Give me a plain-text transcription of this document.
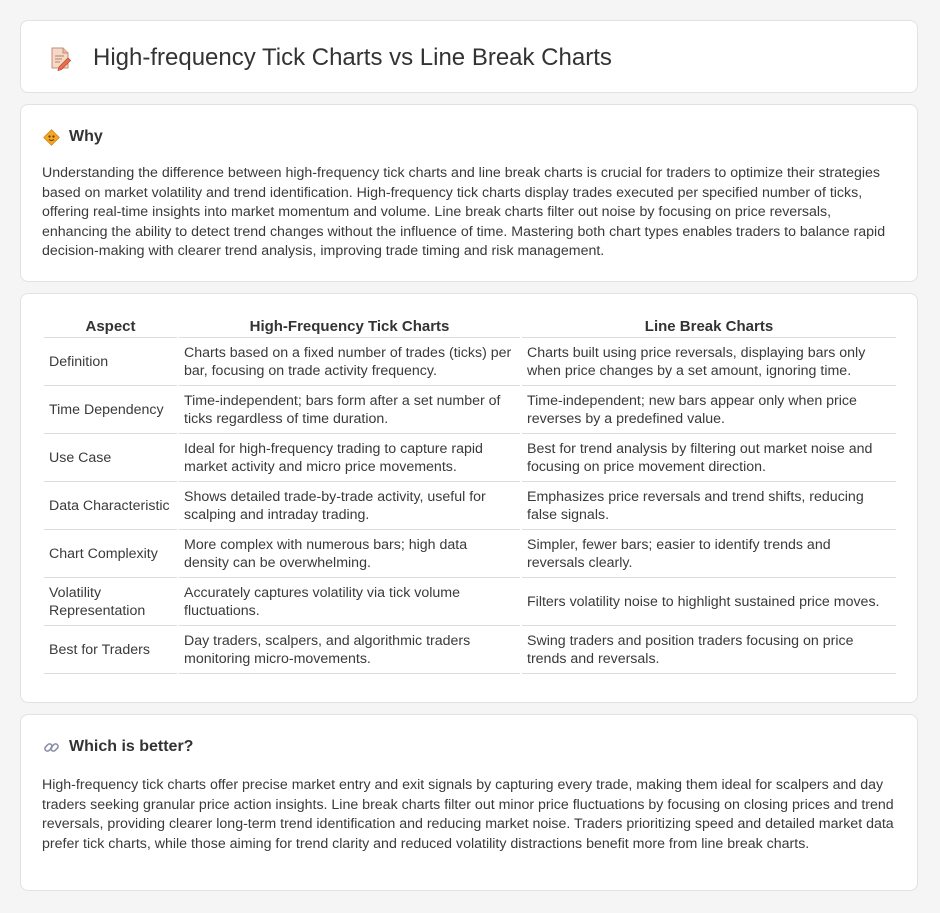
High-frequency Tick Charts vs Line Break Charts
Why

Understanding the difference between high-frequency tick charts and line break charts is crucial for traders to optimize their strategies based on market volatility and trend identification. High-frequency tick charts display trades executed per specified number of ticks, offering real-time insights into market momentum and volume. Line break charts filter out noise by focusing on price reversals, enhancing the ability to detect trend changes without the influence of time. Mastering both chart types enables traders to balance rapid decision-making with clearer trend analysis, improving trade timing and risk management.

Aspect	High-Frequency Tick Charts	Line Break Charts
Definition	Charts based on a fixed number of trades (ticks) per bar, focusing on trade activity frequency.	Charts built using price reversals, displaying bars only when price changes by a set amount, ignoring time.
Time Dependency	Time-independent; bars form after a set number of ticks regardless of time duration.	Time-independent; new bars appear only when price reverses by a predefined value.
Use Case	Ideal for high-frequency trading to capture rapid market activity and micro price movements.	Best for trend analysis by filtering out market noise and focusing on price movement direction.
Data Characteristic	Shows detailed trade-by-trade activity, useful for scalping and intraday trading.	Emphasizes price reversals and trend shifts, reducing false signals.
Chart Complexity	More complex with numerous bars; high data density can be overwhelming.	Simpler, fewer bars; easier to identify trends and reversals clearly.
Volatility Representation	Accurately captures volatility via tick volume fluctuations.	Filters volatility noise to highlight sustained price moves.
Best for Traders	Day traders, scalpers, and algorithmic traders monitoring micro-movements.	Swing traders and position traders focusing on price trends and reversals.
Which is better?

High-frequency tick charts offer precise market entry and exit signals by capturing every trade, making them ideal for scalpers and day traders seeking granular price action insights. Line break charts filter out minor price fluctuations by focusing on closing prices and trend reversals, providing clearer long-term trend identification and reducing market noise. Traders prioritizing speed and detailed market data prefer tick charts, while those aiming for trend clarity and reduced volatility distractions benefit more from line break charts.
